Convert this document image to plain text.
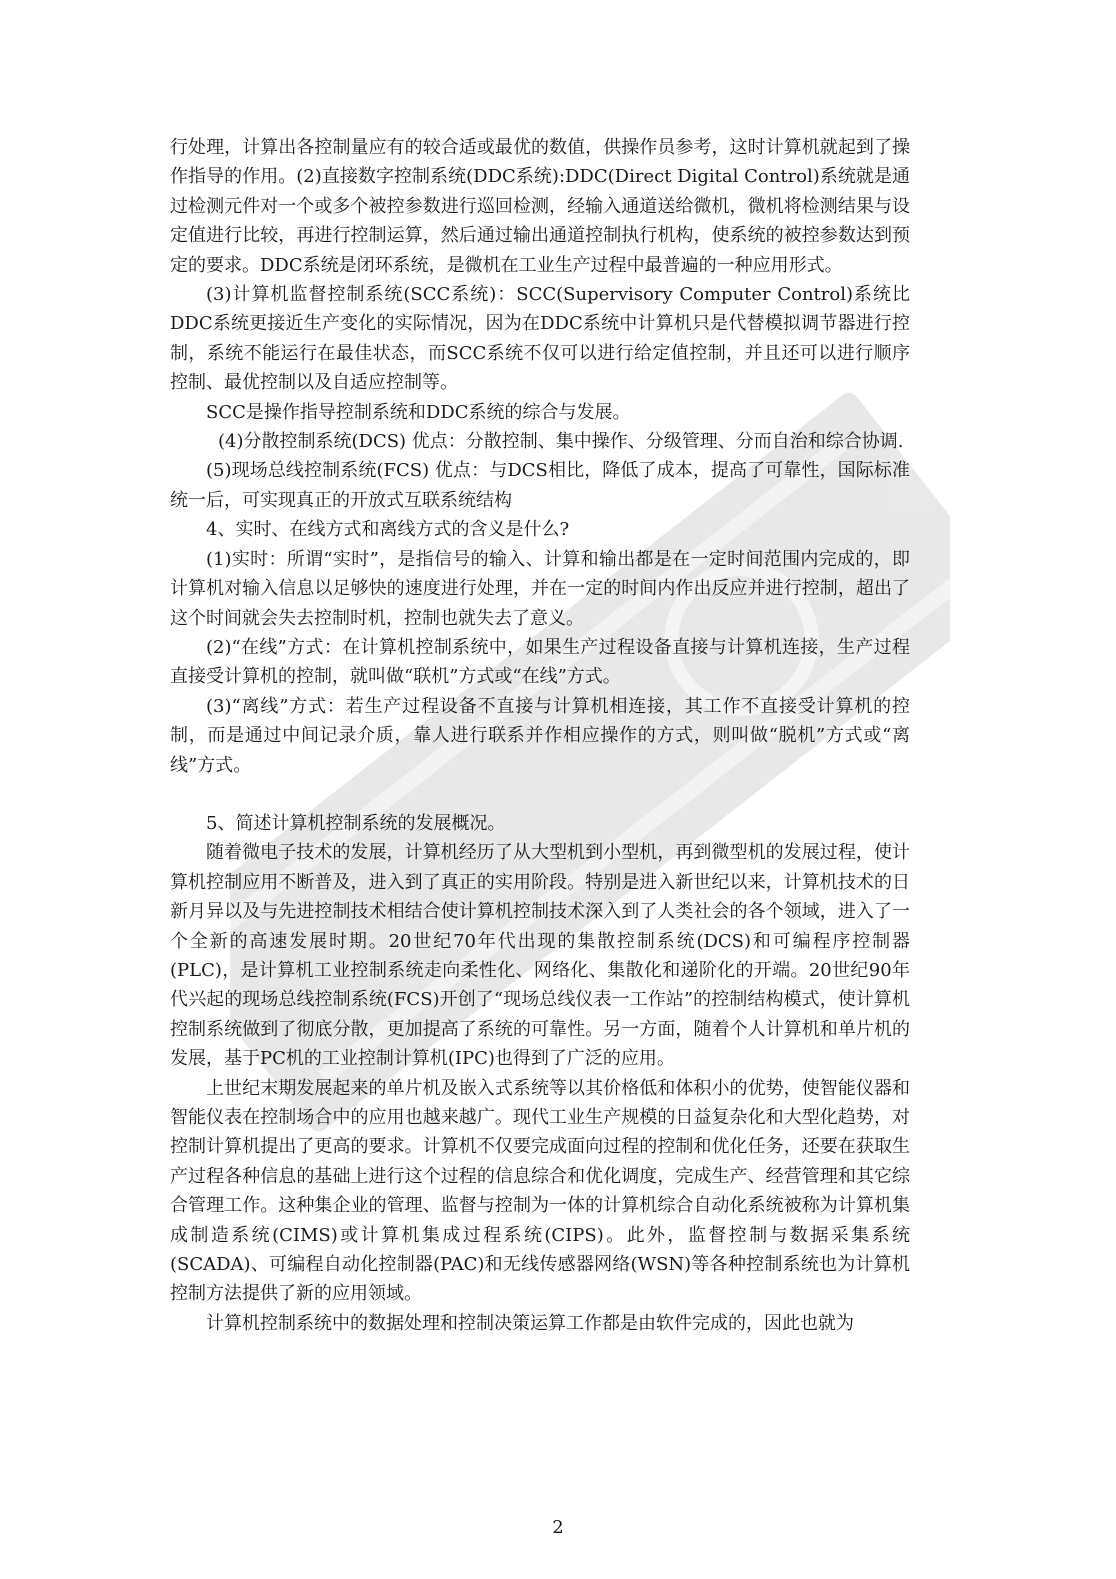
行处理，计算出各控制量应有的较合适或最优的数值，供操作员参考，这时计算机就起到了操作指导的作用。(2)直接数字控制系统(DDC系统):DDC(Direct Digital Control)系统就是通过检测元件对一个或多个被控参数进行巡回检测，经输入通道送给微机，微机将检测结果与设定值进行比较，再进行控制运算，然后通过输出通道控制执行机构，使系统的被控参数达到预定的要求。DDC系统是闭环系统，是微机在工业生产过程中最普遍的一种应用形式。

(3)计算机监督控制系统(SCC系统)：SCC(Supervisory Computer Control)系统比DDC系统更接近生产变化的实际情况，因为在DDC系统中计算机只是代替模拟调节器进行控制，系统不能运行在最佳状态，而SCC系统不仅可以进行给定值控制，并且还可以进行顺序控制、最优控制以及自适应控制等。

SCC是操作指导控制系统和DDC系统的综合与发展。

(4)分散控制系统(DCS) 优点：分散控制、集中操作、分级管理、分而自治和综合协调.

(5)现场总线控制系统(FCS) 优点：与DCS相比，降低了成本，提高了可靠性，国际标准统一后，可实现真正的开放式互联系统结构

4、实时、在线方式和离线方式的含义是什么?

(1)实时：所谓“实时”，是指信号的输入、计算和输出都是在一定时间范围内完成的，即计算机对输入信息以足够快的速度进行处理，并在一定的时间内作出反应并进行控制，超出了这个时间就会失去控制时机，控制也就失去了意义。

(2)“在线”方式：在计算机控制系统中，如果生产过程设备直接与计算机连接，生产过程直接受计算机的控制，就叫做“联机”方式或“在线”方式。

(3)“离线”方式：若生产过程设备不直接与计算机相连接，其工作不直接受计算机的控制，而是通过中间记录介质，靠人进行联系并作相应操作的方式，则叫做“脱机”方式或“离线”方式。

5、简述计算机控制系统的发展概况。

随着微电子技术的发展，计算机经历了从大型机到小型机，再到微型机的发展过程，使计算机控制应用不断普及，进入到了真正的实用阶段。特别是进入新世纪以来，计算机技术的日新月异以及与先进控制技术相结合使计算机控制技术深入到了人类社会的各个领域，进入了一个全新的高速发展时期。20世纪70年代出现的集散控制系统(DCS)和可编程序控制器(PLC)，是计算机工业控制系统走向柔性化、网络化、集散化和递阶化的开端。20世纪90年代兴起的现场总线控制系统(FCS)开创了“现场总线仪表一工作站”的控制结构模式，使计算机控制系统做到了彻底分散，更加提高了系统的可靠性。另一方面，随着个人计算机和单片机的发展，基于PC机的工业控制计算机(IPC)也得到了广泛的应用。

上世纪末期发展起来的单片机及嵌入式系统等以其价格低和体积小的优势，使智能仪器和智能仪表在控制场合中的应用也越来越广。现代工业生产规模的日益复杂化和大型化趋势，对控制计算机提出了更高的要求。计算机不仅要完成面向过程的控制和优化任务，还要在获取生产过程各种信息的基础上进行这个过程的信息综合和优化调度，完成生产、经营管理和其它综合管理工作。这种集企业的管理、监督与控制为一体的计算机综合自动化系统被称为计算机集成制造系统(CIMS)或计算机集成过程系统(CIPS)。此外，监督控制与数据采集系统(SCADA)、可编程自动化控制器(PAC)和无线传感器网络(WSN)等各种控制系统也为计算机控制方法提供了新的应用领域。

计算机控制系统中的数据处理和控制决策运算工作都是由软件完成的，因此也就为

2
